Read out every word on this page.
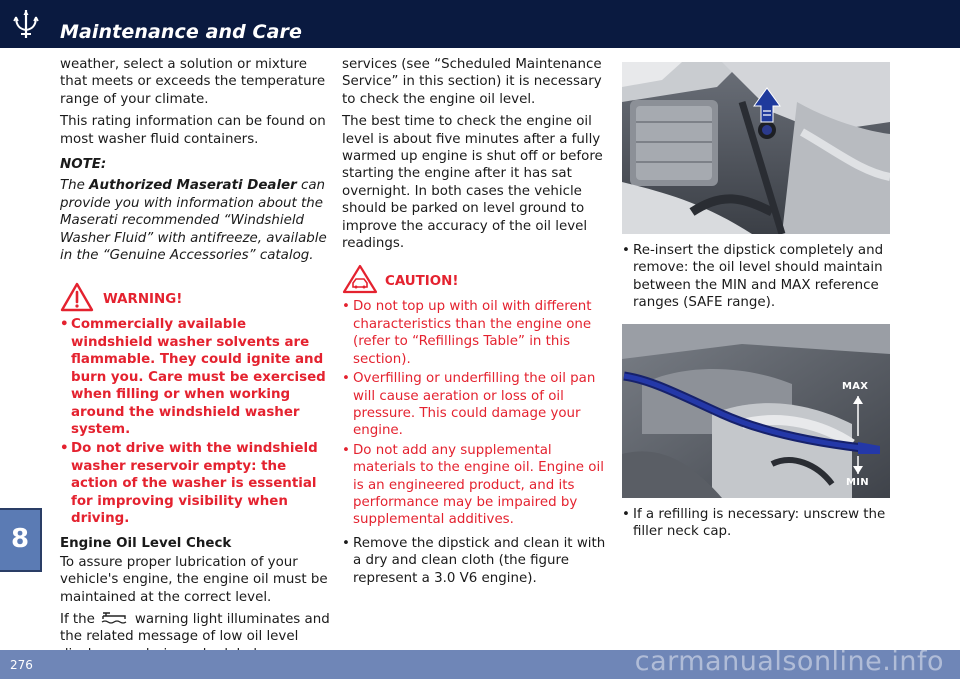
Maintenance and Care
8
weather, select a solution or mixture that meets or exceeds the temperature range of your climate.
This rating information can be found on most washer fluid containers.
NOTE:
The Authorized Maserati Dealer can provide you with information about the Maserati recommended “Windshield Washer Fluid” with antifreeze, available in the “Genuine Accessories” catalog.
WARNING!
• Commercially available windshield washer solvents are flammable. They could ignite and burn you. Care must be exercised when filling or when working around the windshield washer system.
• Do not drive with the windshield washer reservoir empty: the action of the washer is essential for improving visibility when driving.
Engine Oil Level Check
To assure proper lubrication of your vehicle's engine, the engine oil must be maintained at the correct level.
If the	warning light illuminates and the related message of low oil level
services (see “Scheduled Maintenance Service” in this section) it is necessary to check the engine oil level.
The best time to check the engine oil level is about five minutes after a fully warmed up engine is shut off or before starting the engine after it has sat overnight. In both cases the vehicle should be parked on level ground to improve the accuracy of the oil level readings.
CAUTION!
• Do not top up with oil with different characteristics than the engine one (refer to “Refillings Table” in this section).
• Overfilling or underfilling the oil pan will cause aeration or loss of oil pressure. This could damage your engine.
• Do not add any supplemental materials to the engine oil. Engine oil is an engineered product, and its performance may be impaired by supplemental additives.
• Remove the dipstick and clean it with a dry and clean cloth (the figure represent a 3.0 V6 engine).
• Re-insert the dipstick completely and remove: the oil level should maintain between the MIN and MAX reference ranges (SAFE range).
MAX
MIN
• If a refilling is necessary: unscrew the filler neck cap.
276	carmanualsonline.info
